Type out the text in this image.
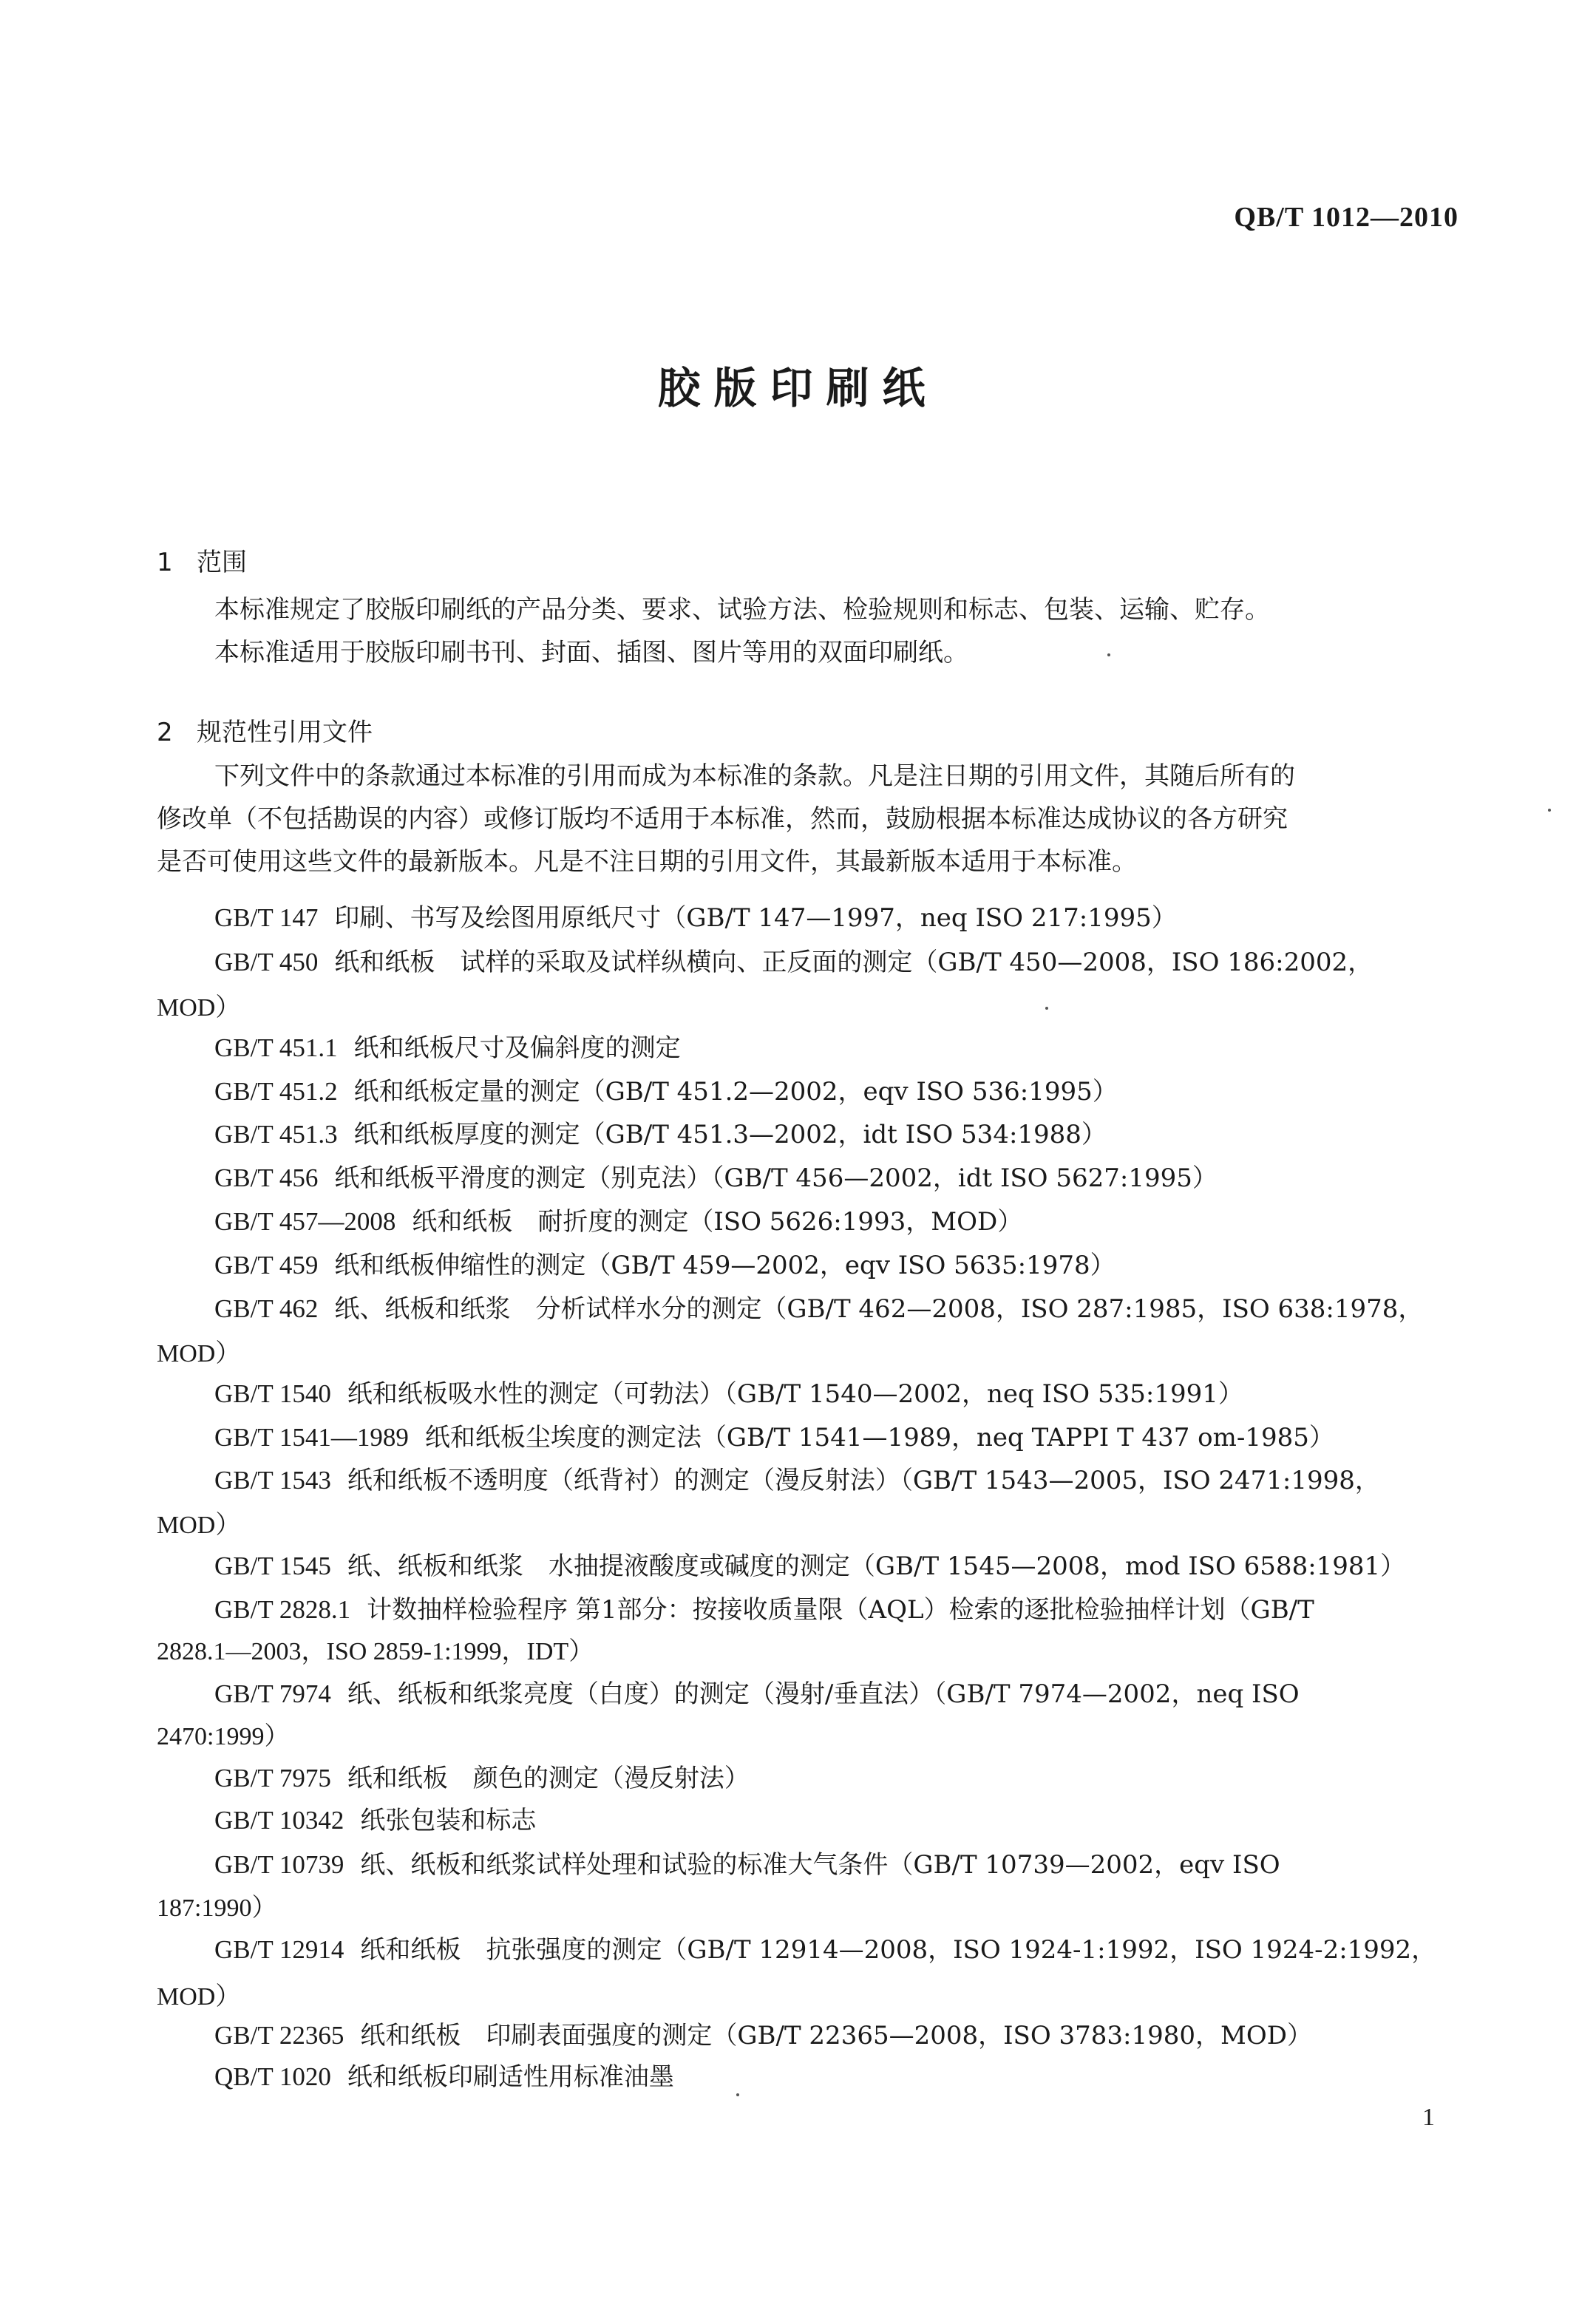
QB/T 1012—2010
胶版印刷纸
1 范围
本标准规定了胶版印刷纸的产品分类、要求、试验方法、检验规则和标志、包装、运输、贮存。
本标准适用于胶版印刷书刊、封面、插图、图片等用的双面印刷纸。
2 规范性引用文件
下列文件中的条款通过本标准的引用而成为本标准的条款。凡是注日期的引用文件，其随后所有的
修改单（不包括勘误的内容）或修订版均不适用于本标准，然而，鼓励根据本标准达成协议的各方研究
是否可使用这些文件的最新版本。凡是不注日期的引用文件，其最新版本适用于本标准。
GB/T 147 印刷、书写及绘图用原纸尺寸（GB/T 147—1997，neq ISO 217:1995）
GB/T 450 纸和纸板　试样的采取及试样纵横向、正反面的测定（GB/T 450—2008，ISO 186:2002，
MOD）
GB/T 451.1 纸和纸板尺寸及偏斜度的测定
GB/T 451.2 纸和纸板定量的测定（GB/T 451.2—2002，eqv ISO 536:1995）
GB/T 451.3 纸和纸板厚度的测定（GB/T 451.3—2002，idt ISO 534:1988）
GB/T 456 纸和纸板平滑度的测定（别克法）（GB/T 456—2002，idt ISO 5627:1995）
GB/T 457—2008 纸和纸板　耐折度的测定（ISO 5626:1993，MOD）
GB/T 459 纸和纸板伸缩性的测定（GB/T 459—2002，eqv ISO 5635:1978）
GB/T 462 纸、纸板和纸浆　分析试样水分的测定（GB/T 462—2008，ISO 287:1985，ISO 638:1978，
MOD）
GB/T 1540 纸和纸板吸水性的测定（可勃法）（GB/T 1540—2002，neq ISO 535:1991）
GB/T 1541—1989 纸和纸板尘埃度的测定法（GB/T 1541—1989，neq TAPPI T 437 om-1985）
GB/T 1543 纸和纸板不透明度（纸背衬）的测定（漫反射法）（GB/T 1543—2005，ISO 2471:1998，
MOD）
GB/T 1545 纸、纸板和纸浆　水抽提液酸度或碱度的测定（GB/T 1545—2008，mod ISO 6588:1981）
GB/T 2828.1 计数抽样检验程序 第1部分：按接收质量限（AQL）检索的逐批检验抽样计划（GB/T
2828.1—2003，ISO 2859-1:1999，IDT）
GB/T 7974 纸、纸板和纸浆亮度（白度）的测定（漫射/垂直法）（GB/T 7974—2002，neq ISO
2470:1999）
GB/T 7975 纸和纸板　颜色的测定（漫反射法）
GB/T 10342 纸张包装和标志
GB/T 10739 纸、纸板和纸浆试样处理和试验的标准大气条件（GB/T 10739—2002，eqv ISO
187:1990）
GB/T 12914 纸和纸板　抗张强度的测定（GB/T 12914—2008，ISO 1924-1:1992，ISO 1924-2:1992，
MOD）
GB/T 22365 纸和纸板　印刷表面强度的测定（GB/T 22365—2008，ISO 3783:1980，MOD）
QB/T 1020 纸和纸板印刷适性用标准油墨
1
